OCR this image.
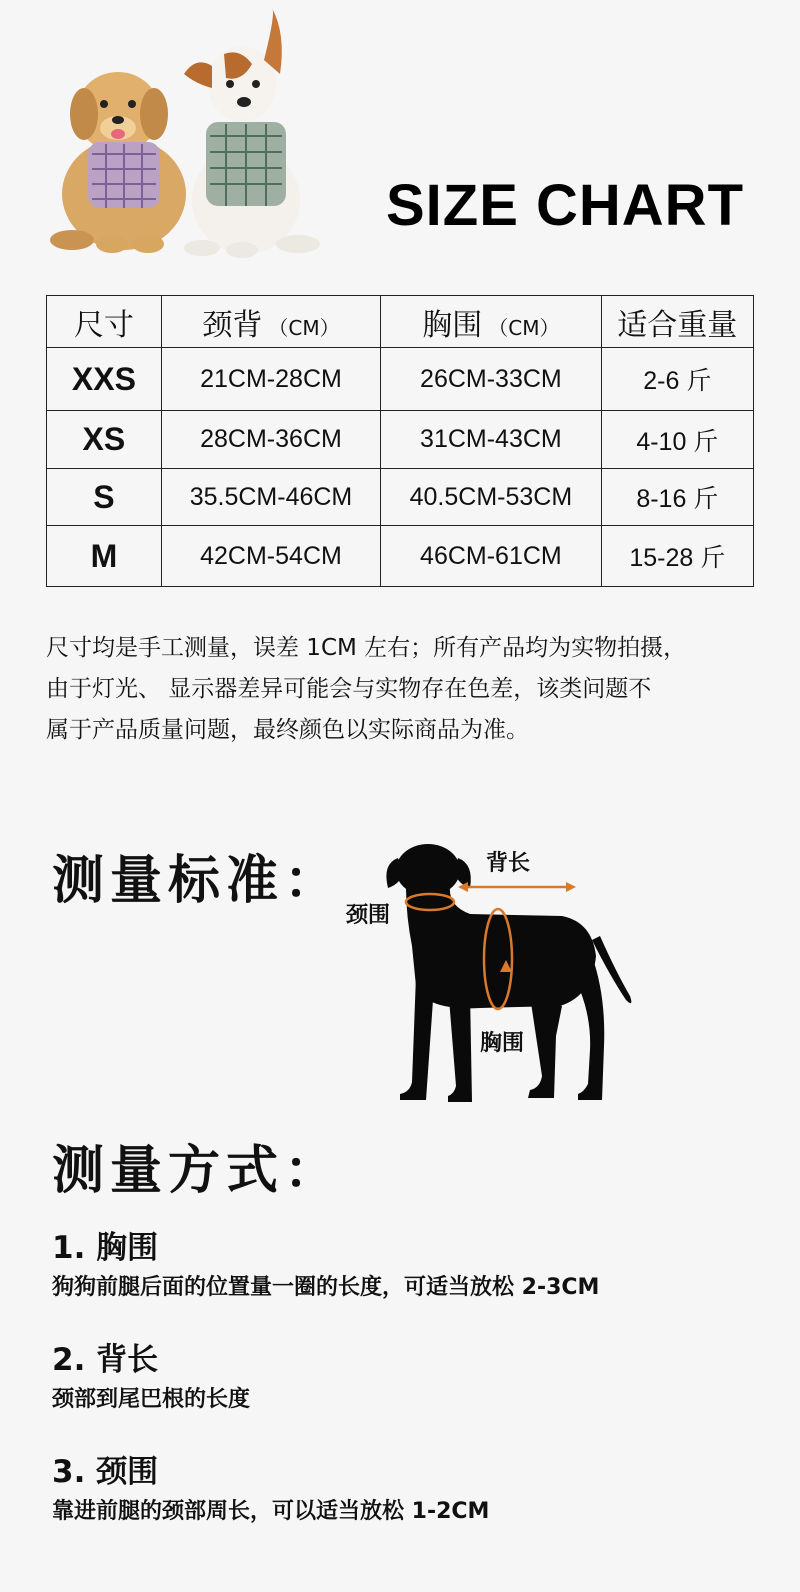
SIZE CHART
尺寸	颈背 （CM）	胸围 （CM）	适合重量
XXS	21CM-28CM	26CM-33CM	2-6 斤
XS	28CM-36CM	31CM-43CM	4-10 斤
S	35.5CM-46CM	40.5CM-53CM	8-16 斤
M	42CM-54CM	46CM-61CM	15-28 斤

尺寸均是手工测量，误差 1CM 左右；所有产品均为实物拍摄，
由于灯光、 显示器差异可能会与实物存在色差，该类问题不
属于产品质量问题，最终颜色以实际商品为准。

测量标准：	背长
颈围
胸围
测量方式：
1. 胸围

狗狗前腿后面的位置量一圈的长度，可适当放松 2-3CM

2. 背长

颈部到尾巴根的长度

3. 颈围

靠进前腿的颈部周长，可以适当放松 1-2CM
